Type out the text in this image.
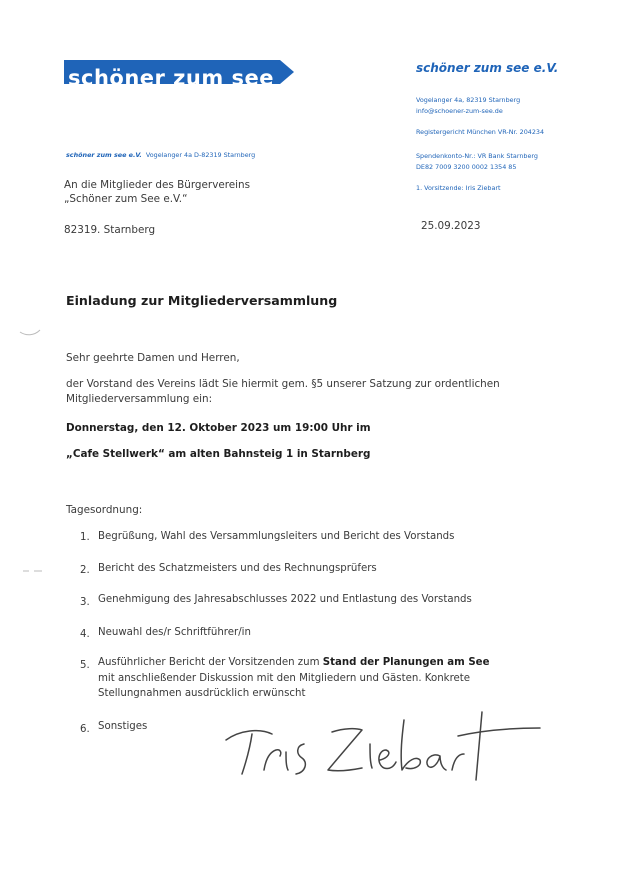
schöner zum see	schöner zum see e.V.
Vogelanger 4a, 82319 Starnberg
info@schoener-zum-see.de
Registergericht München VR-Nr. 204234
Spendenkonto-Nr.: VR Bank Starnberg
DE82 7009 3200 0002 1354 85
1. Vorsitzende: Iris Ziebart
schöner zum see e.V. Vogelanger 4a D-82319 Starnberg
An die Mitglieder des Bürgervereins
„Schöner zum See e.V.“
82319. Starnberg	25.09.2023
Einladung zur Mitgliederversammlung
Sehr geehrte Damen und Herren,
der Vorstand des Vereins lädt Sie hiermit gem. §5 unserer Satzung zur ordentlichen
Mitgliederversammlung ein:
Donnerstag, den 12. Oktober 2023 um 19:00 Uhr im
„Cafe Stellwerk“ am alten Bahnsteig 1 in Starnberg
Tagesordnung:
1. Begrüßung, Wahl des Versammlungsleiters und Bericht des Vorstands
2. Bericht des Schatzmeisters und des Rechnungsprüfers
3. Genehmigung des Jahresabschlusses 2022 und Entlastung des Vorstands
4. Neuwahl des/r Schriftführer/in
5. Ausführlicher Bericht der Vorsitzenden zum Stand der Planungen am See
mit anschließender Diskussion mit den Mitgliedern und Gästen. Konkrete
Stellungnahmen ausdrücklich erwünscht
6. Sonstiges
